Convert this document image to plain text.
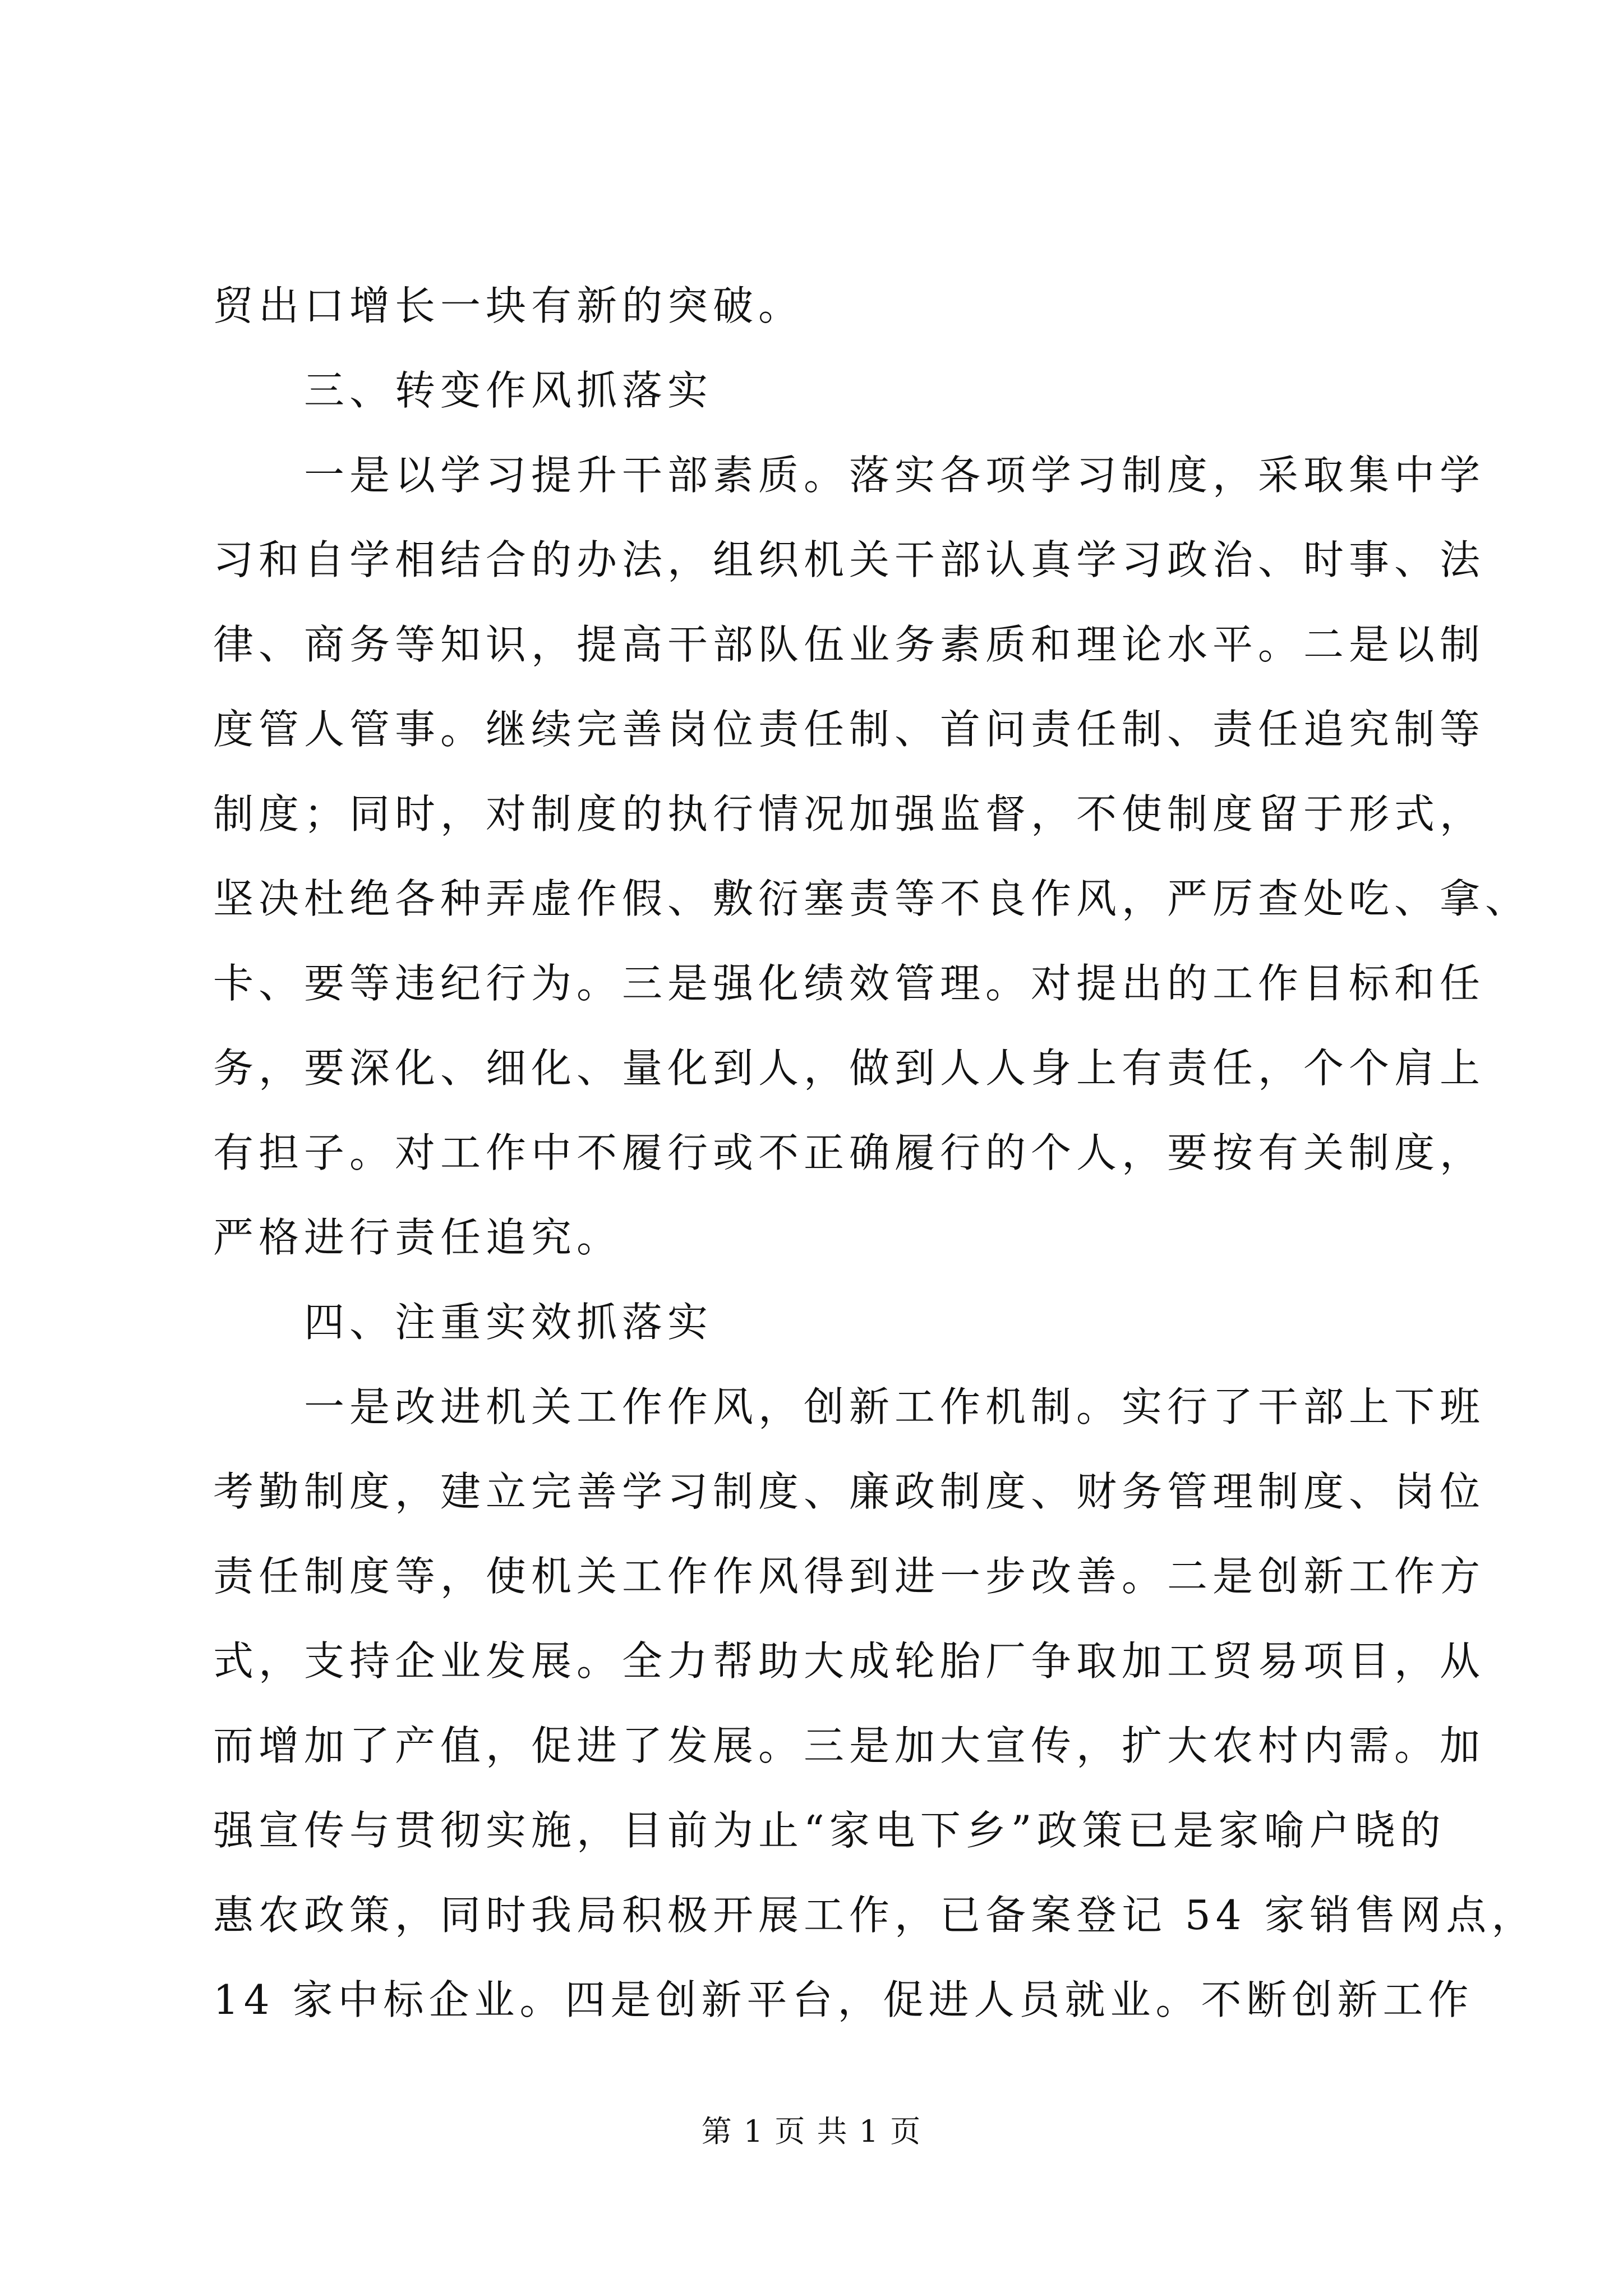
贸出口增长一块有新的突破。
三、转变作风抓落实
一是以学习提升干部素质。落实各项学习制度，采取集中学
习和自学相结合的办法，组织机关干部认真学习政治、时事、法
律、商务等知识，提高干部队伍业务素质和理论水平。二是以制
度管人管事。继续完善岗位责任制、首问责任制、责任追究制等
制度；同时，对制度的执行情况加强监督，不使制度留于形式，
坚决杜绝各种弄虚作假、敷衍塞责等不良作风，严厉查处吃、拿、
卡、要等违纪行为。三是强化绩效管理。对提出的工作目标和任
务，要深化、细化、量化到人，做到人人身上有责任，个个肩上
有担子。对工作中不履行或不正确履行的个人，要按有关制度，
严格进行责任追究。
四、注重实效抓落实
一是改进机关工作作风，创新工作机制。实行了干部上下班
考勤制度，建立完善学习制度、廉政制度、财务管理制度、岗位
责任制度等，使机关工作作风得到进一步改善。二是创新工作方
式，支持企业发展。全力帮助大成轮胎厂争取加工贸易项目，从
而增加了产值，促进了发展。三是加大宣传，扩大农村内需。加
强宣传与贯彻实施，目前为止“家电下乡”政策已是家喻户晓的
惠农政策，同时我局积极开展工作，已备案登记 54 家销售网点，
14 家中标企业。四是创新平台，促进人员就业。不断创新工作
第 1 页 共 1 页
